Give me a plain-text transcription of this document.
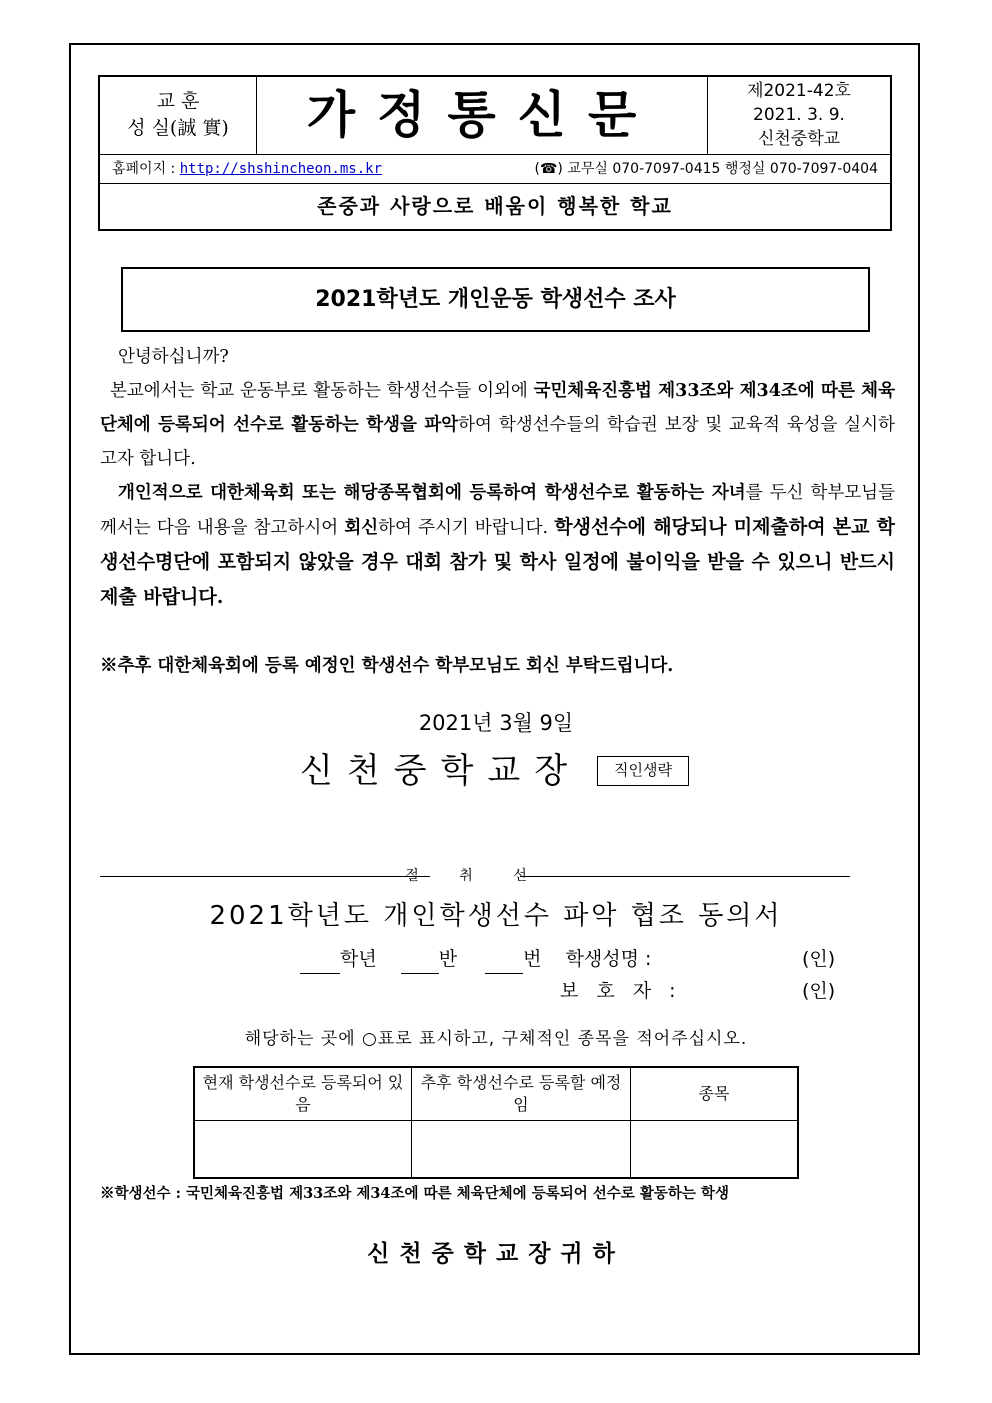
교 훈
성 실(誠 實)	가정통신문	제2021-42호
2021. 3. 9.
신천중학교
홈페이지 : http://shshincheon.ms.kr	(☎) 교무실 070-7097-0415 행정실 070-7097-0404
존중과 사랑으로 배움이 행복한 학교
2021학년도 개인운동 학생선수 조사
안녕하십니까?
본교에서는 학교 운동부로 활동하는 학생선수들 이외에 국민체육진흥법 제33조와 제34조에 따른 체육 단체에 등록되어 선수로 활동하는 학생을 파악하여 학생선수들의 학습권 보장 및 교육적 육성을 실시하고자 합니다.
개인적으로 대한체육회 또는 해당종목협회에 등록하여 학생선수로 활동하는 자녀를 두신 학부모님들께서는 다음 내용을 참고하시어 회신하여 주시기 바랍니다. 학생선수에 해당되나 미제출하여 본교 학생선수명단에 포함되지 않았을 경우 대회 참가 및 학사 일정에 불이익을 받을 수 있으니 반드시 제출 바랍니다.
※추후 대한체육회에 등록 예정인 학생선수 학부모님도 회신 부탁드립니다.
2021년 3월 9일
신천중학교장	직인생략
절 취 선
2021학년도 개인학생선수 파악 협조 동의서
학년	반	번 학생성명 :	(인)
보 호 자 :	(인)
해당하는 곳에 ○표로 표시하고, 구체적인 종목을 적어주십시오.
현재 학생선수로 등록되어 있음	추후 학생선수로 등록할 예정임	종목

※학생선수 : 국민체육진흥법 제33조와 제34조에 따른 체육단체에 등록되어 선수로 활동하는 학생
신천중학교장귀하
